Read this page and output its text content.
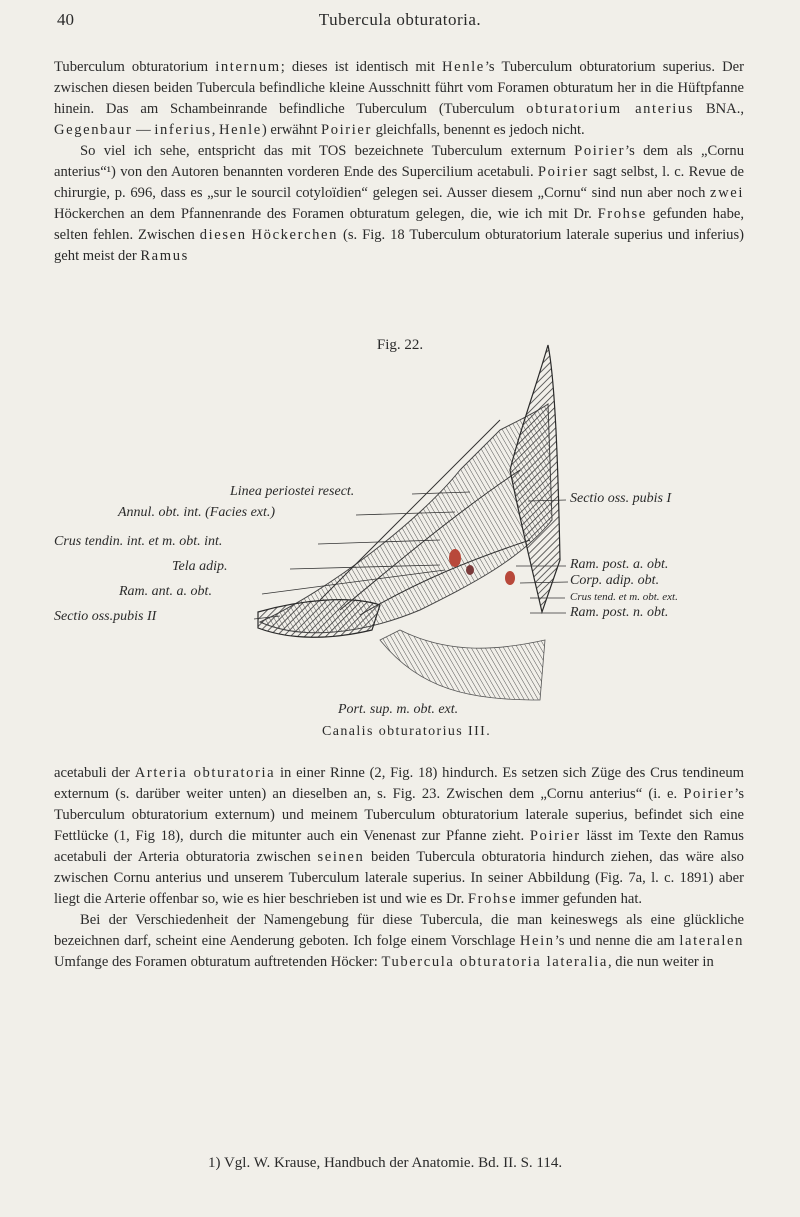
40	Tubercula obturatoria.

Tuberculum obturatorium internum; dieses ist identisch mit Henle’s Tuberculum obturatorium superius. Der zwischen diesen beiden Tubercula befindliche kleine Ausschnitt führt vom Foramen obturatum her in die Hüftpfanne hinein. Das am Schambeinrande befindliche Tuberculum (Tuberculum obturatorium anterius BNA., Gegenbaur — inferius, Henle) erwähnt Poirier gleichfalls, benennt es jedoch nicht.

So viel ich sehe, entspricht das mit TOS bezeichnete Tuberculum externum Poirier’s dem als „Cornu anterius“¹) von den Autoren benannten vorderen Ende des Supercilium acetabuli. Poirier sagt selbst, l. c. Revue de chirurgie, p. 696, dass es „sur le sourcil cotyloïdien“ gelegen sei. Ausser diesem „Cornu“ sind nun aber noch zwei Höckerchen an dem Pfannenrande des Foramen obturatum gelegen, die, wie ich mit Dr. Frohse gefunden habe, selten fehlen. Zwischen diesen Höckerchen (s. Fig. 18 Tuberculum obturatorium laterale superius und inferius) geht meist der Ramus

Fig. 22.
Linea periostei resect.
Annul. obt. int. (Facies ext.)
Crus tendin. int. et m. obt. int.
Tela adip.
Ram. ant. a. obt.
Sectio oss.pubis II
Sectio oss. pubis I
Ram. post. a. obt.
Corp. adip. obt.
Crus tend. et m. obt. ext.
Ram. post. n. obt.
Port. sup. m. obt. ext.
Canalis obturatorius III.

acetabuli der Arteria obturatoria in einer Rinne (2, Fig. 18) hindurch. Es setzen sich Züge des Crus tendineum externum (s. darüber weiter unten) an dieselben an, s. Fig. 23. Zwischen dem „Cornu anterius“ (i. e. Poirier’s Tuberculum obturatorium externum) und meinem Tuberculum obturatorium laterale superius, befindet sich eine Fettlücke (1, Fig 18), durch die mitunter auch ein Venenast zur Pfanne zieht. Poirier lässt im Texte den Ramus acetabuli der Arteria obturatoria zwischen seinen beiden Tubercula obturatoria hindurch ziehen, das wäre also zwischen Cornu anterius und unserem Tuberculum laterale superius. In seiner Abbildung (Fig. 7a, l. c. 1891) aber liegt die Arterie offenbar so, wie es hier beschrieben ist und wie es Dr. Frohse immer gefunden hat.

Bei der Verschiedenheit der Namengebung für diese Tubercula, die man keineswegs als eine glückliche bezeichnen darf, scheint eine Aenderung geboten. Ich folge einem Vorschlage Hein’s und nenne die am lateralen Umfange des Foramen obturatum auftretenden Höcker: Tubercula obturatoria lateralia, die nun weiter in

1) Vgl. W. Krause, Handbuch der Anatomie. Bd. II. S. 114.
